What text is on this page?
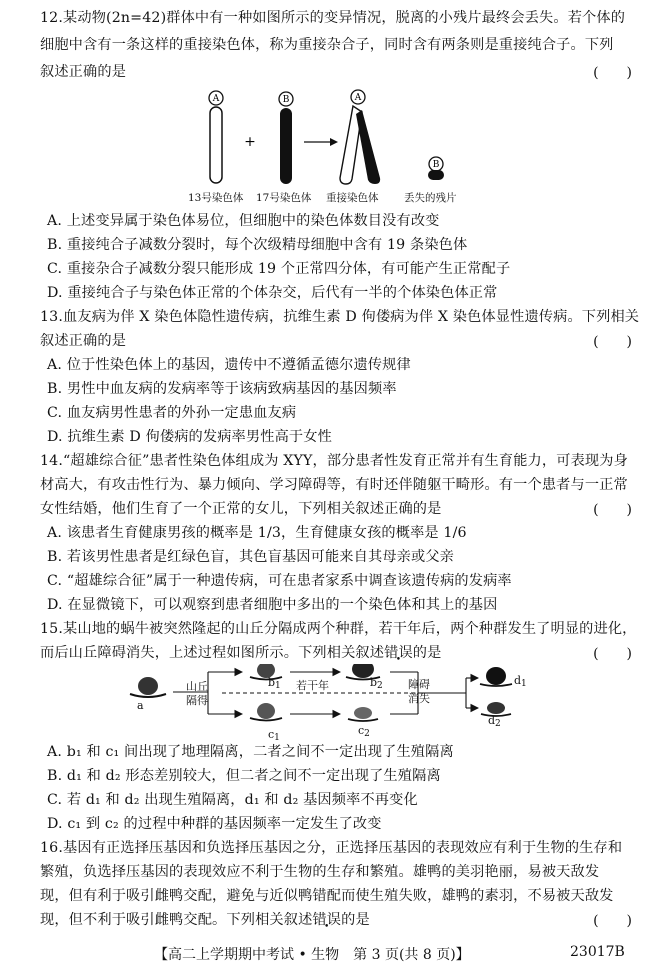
12.某动物(2n=42)群体中有一种如图所示的变异情况，脱离的小残片最终会丢失。若个体的
细胞中含有一条这样的重接染色体，称为重接杂合子，同时含有两条则是重接纯合子。下列
叙述正确的是	(　　)
A
+
B	A
B
13号染色体 17号染色体 重接染色体 丢失的残片
A. 上述变异属于染色体易位，但细胞中的染色体数目没有改变
B. 重接纯合子减数分裂时，每个次级精母细胞中含有 19 条染色体
C. 重接杂合子减数分裂只能形成 19 个正常四分体，有可能产生正常配子
D. 重接纯合子与染色体正常的个体杂交，后代有一半的个体染色体正常
13.血友病为伴 X 染色体隐性遗传病，抗维生素 D 佝偻病为伴 X 染色体显性遗传病。下列相关
叙述正确的是	(　　)
A. 位于性染色体上的基因，遗传中不遵循孟德尔遗传规律
B. 男性中血友病的发病率等于该病致病基因的基因频率
C. 血友病男性患者的外孙一定患血友病
D. 抗维生素 D 佝偻病的发病率男性高于女性
14.“超雄综合征”患者性染色体组成为 XYY，部分患者性发育正常并有生育能力，可表现为身
材高大，有攻击性行为、暴力倾向、学习障碍等，有时还伴随躯干畸形。有一个患者与一正常
女性结婚，他们生育了一个正常的女儿，下列相关叙述正确的是	(　　)
A. 该患者生育健康男孩的概率是 1/3，生育健康女孩的概率是 1/6
B. 若该男性患者是红绿色盲，其色盲基因可能来自其母亲或父亲
C. “超雄综合征”属于一种遗传病，可在患者家系中调查该遗传病的发病率
D. 在显微镜下，可以观察到患者细胞中多出的一个染色体和其上的基因
15.某山地的蜗牛被突然隆起的山丘分隔成两个种群，若干年后，两个种群发生了明显的进化，
而后山丘障碍消失，上述过程如图所示。下列相关叙述错误的是	(　　)
a
山丘
隔得
$b_1$ 若干年	$b_2$ 障碍
消失
$c_1$
$c_2$
$d_1$
$d_2$
A. b₁ 和 c₁ 间出现了地理隔离，二者之间不一定出现了生殖隔离
B. d₁ 和 d₂ 形态差别较大，但二者之间不一定出现了生殖隔离
C. 若 d₁ 和 d₂ 出现生殖隔离，d₁ 和 d₂ 基因频率不再变化
D. c₁ 到 c₂ 的过程中种群的基因频率一定发生了改变
16.基因有正选择压基因和负选择压基因之分，正选择压基因的表现效应有利于生物的生存和
繁殖，负选择压基因的表现效应不利于生物的生存和繁殖。雄鸭的美羽艳丽，易被天敌发
现，但有利于吸引雌鸭交配，避免与近似鸭错配而使生殖失败，雄鸭的素羽，不易被天敌发
现，但不利于吸引雌鸭交配。下列相关叙述错误的是	(　　)
【高二上学期期中考试 • 生物　第 3 页(共 8 页)】	23017B
